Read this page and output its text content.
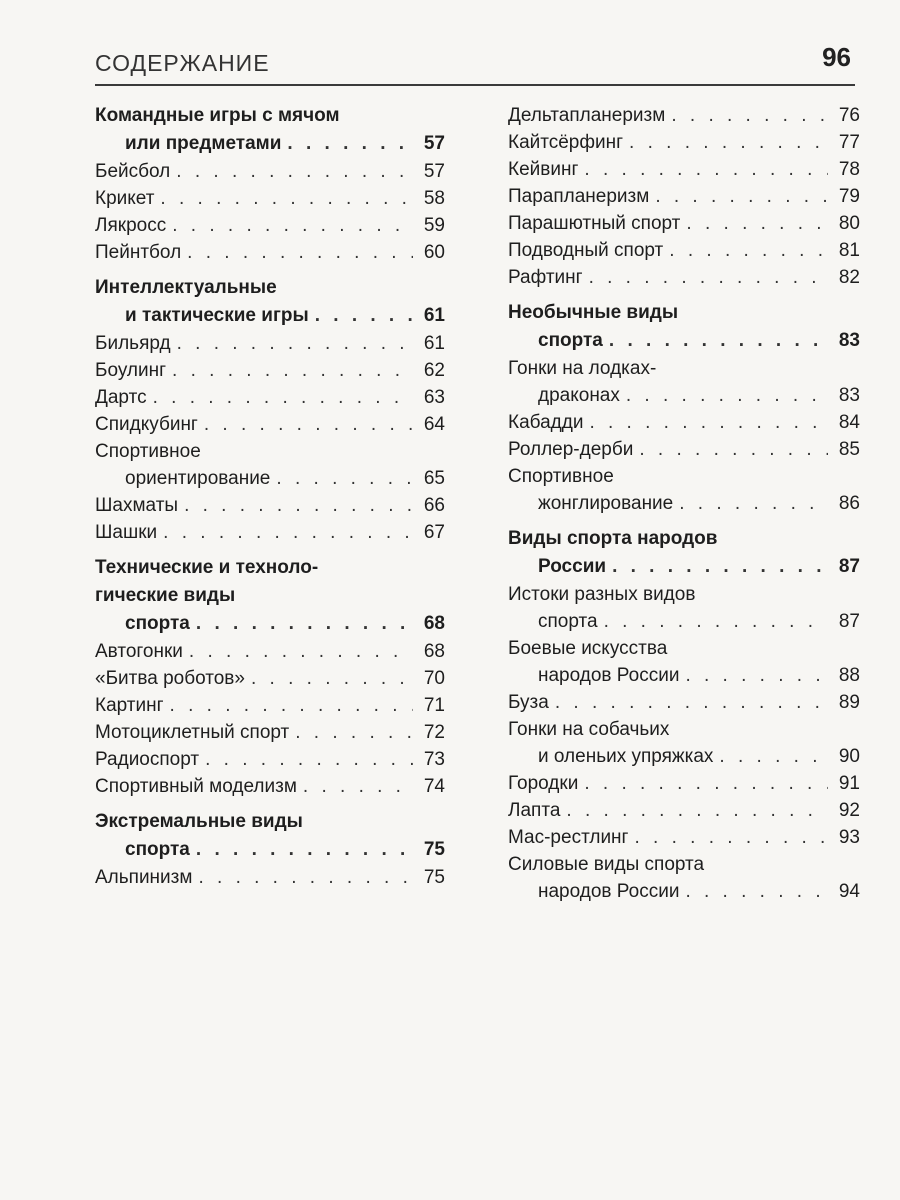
СОДЕРЖАНИЕ	96
Командные игры с мячом
или предметами . . .	57
Бейсбол . . .	57
Крикет . . .	58
Лякросс . . .	59
Пейнтбол . . .	60
Интеллектуальные
и тактические игры . . .	61
Бильярд . . .	61
Боулинг . . .	62
Дартс . . .	63
Спидкубинг . . .	64
Спортивное
ориентирование . . .	65
Шахматы . . .	66
Шашки . . .	67
Технические и техноло-
гические виды
спорта . . .	68
Автогонки . . .	68
«Битва роботов» . . .	70
Картинг . . .	71
Мотоциклетный спорт . . .	72
Радиоспорт . . .	73
Спортивный моделизм . . .	74
Экстремальные виды
спорта . . .	75
Альпинизм . . .	75
Дельтапланеризм . . .	76
Кайтсёрфинг . . .	77
Кейвинг . . .	78
Парапланеризм . . .	79
Парашютный спорт . . .	80
Подводный спорт . . .	81
Рафтинг . . .	82
Необычные виды
спорта . . .	83
Гонки на лодках-
драконах . . .	83
Кабадди . . .	84
Роллер-дерби . . .	85
Спортивное
жонглирование . . .	86
Виды спорта народов
России . . .	87
Истоки разных видов
спорта . . .	87
Боевые искусства
народов России . . .	88
Буза . . .	89
Гонки на собачьих
и оленьих упряжках . . .	90
Городки . . .	91
Лапта . . .	92
Мас-рестлинг . . .	93
Силовые виды спорта
народов России . . .	94
